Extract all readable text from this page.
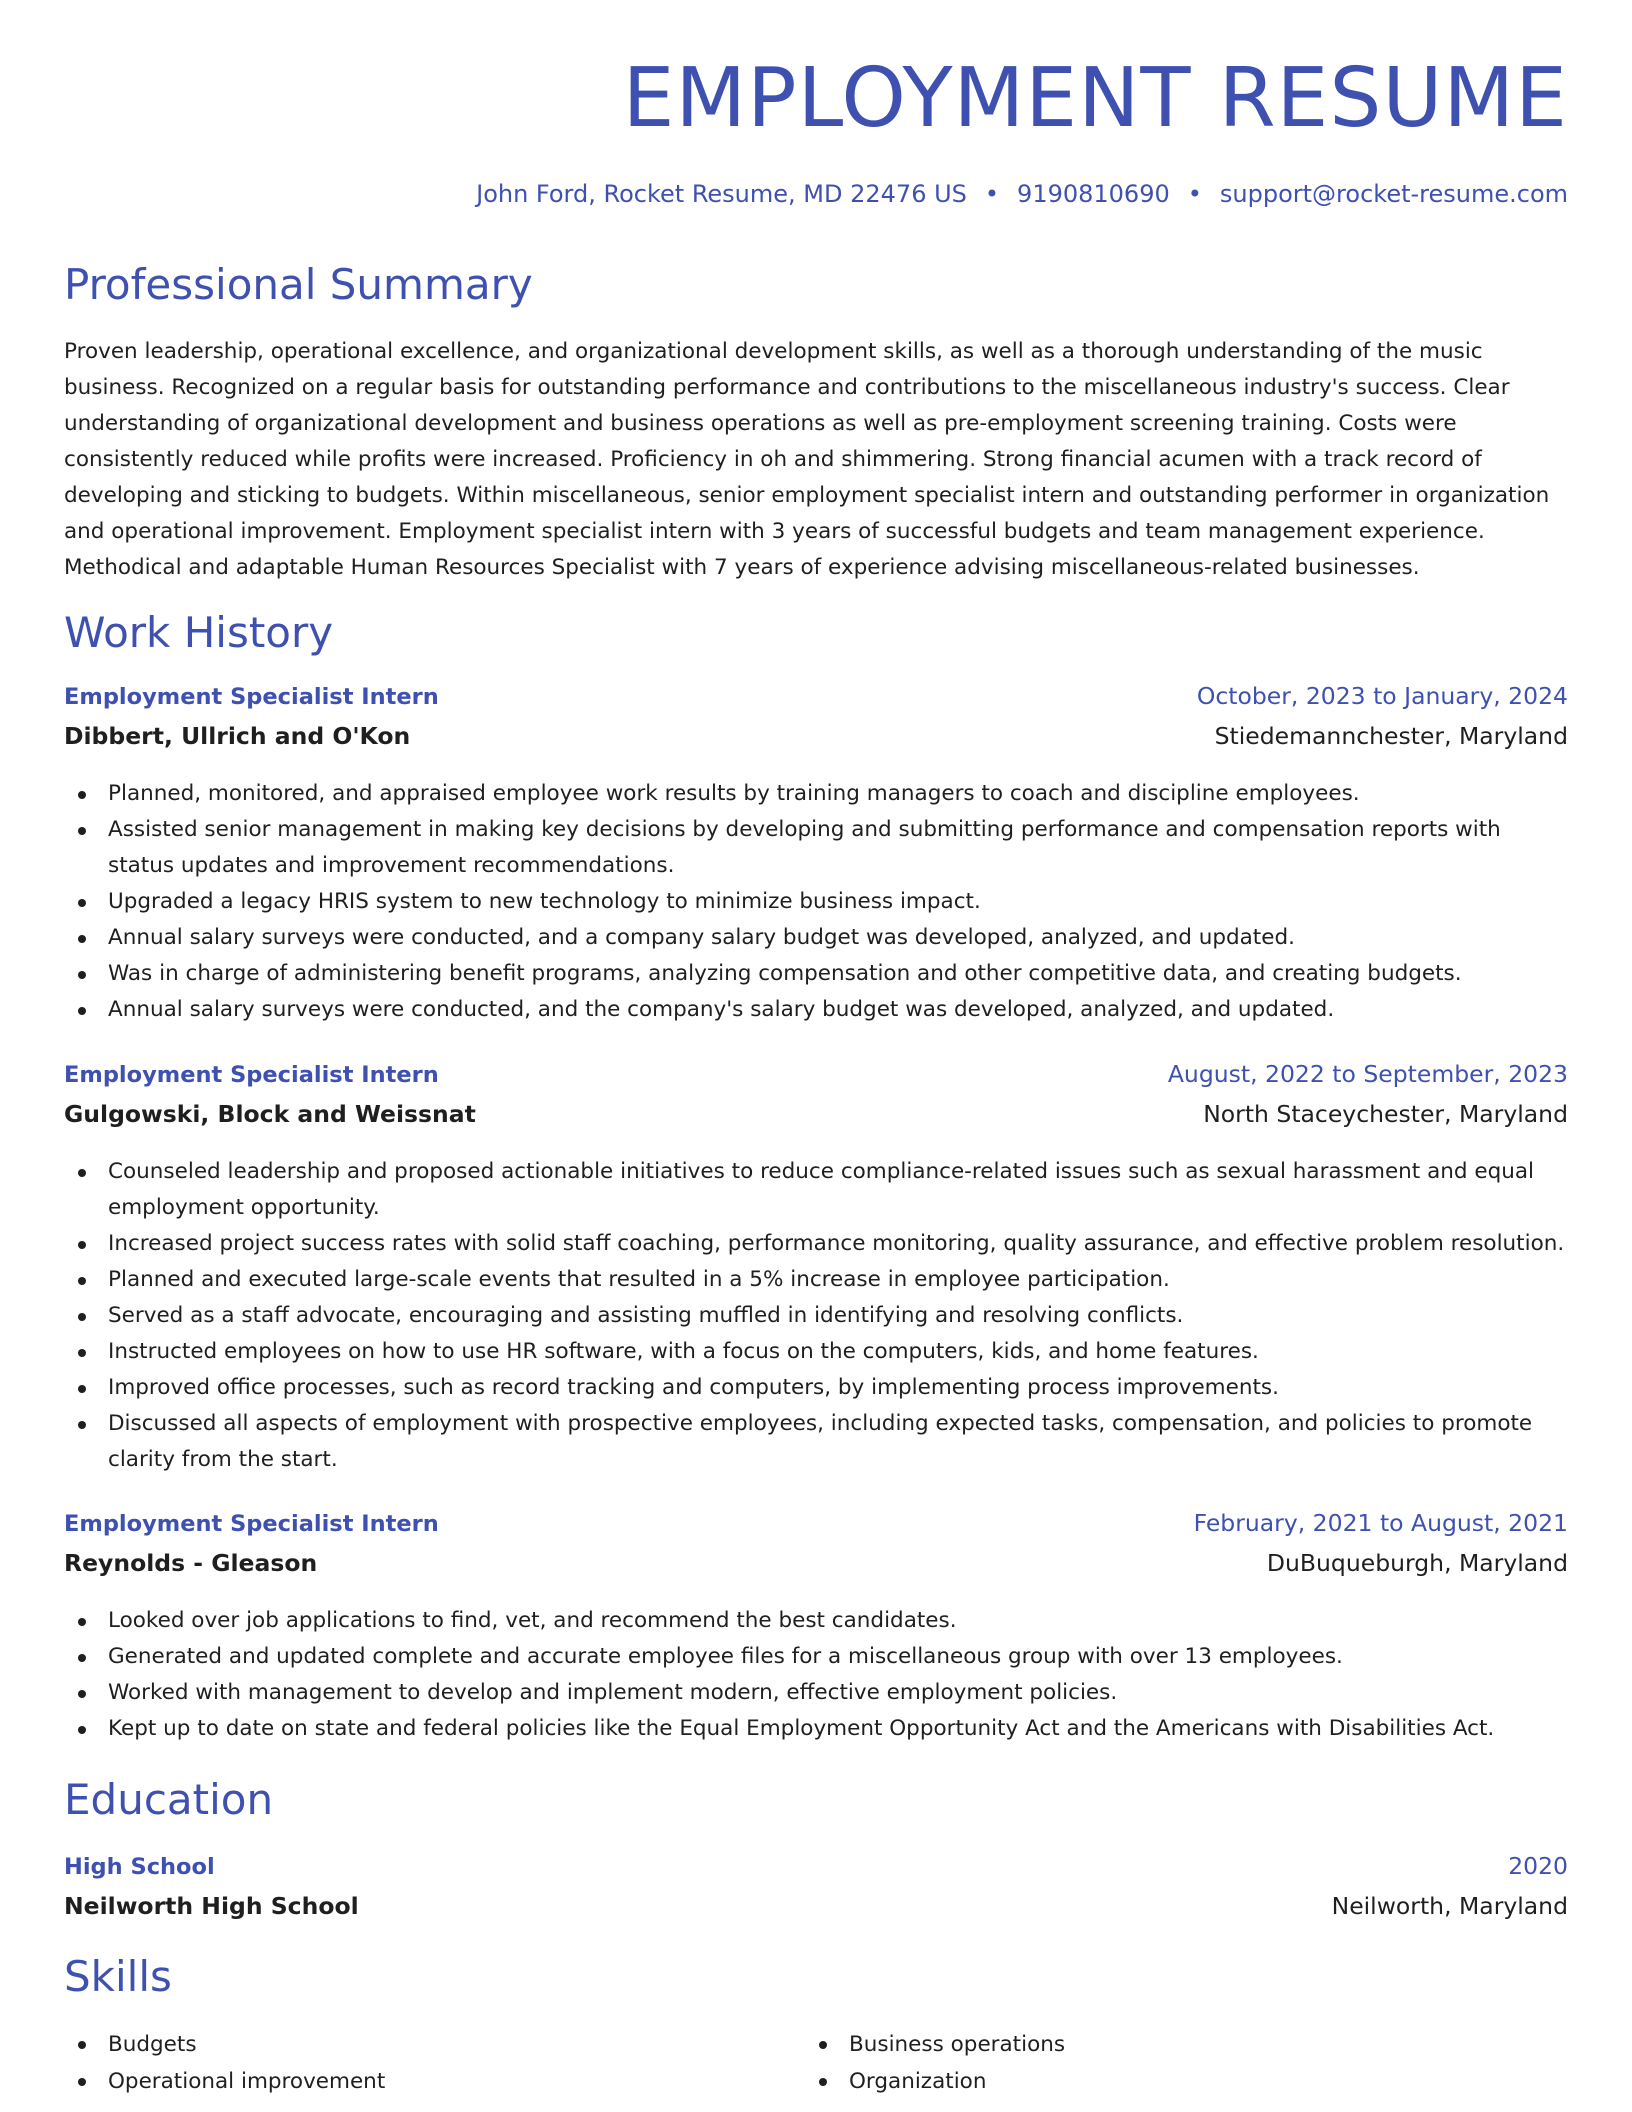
EMPLOYMENT RESUME
John Ford, Rocket Resume, MD 22476 US • 9190810690 • support@rocket-resume.com
Professional Summary

Proven leadership, operational excellence, and organizational development skills, as well as a thorough understanding of the music business. Recognized on a regular basis for outstanding performance and contributions to the miscellaneous industry's success. Clear understanding of organizational development and business operations as well as pre-employment screening training. Costs were consistently reduced while profits were increased. Proficiency in oh and shimmering. Strong financial acumen with a track record of developing and sticking to budgets. Within miscellaneous, senior employment specialist intern and outstanding performer in organization and operational improvement. Employment specialist intern with 3 years of successful budgets and team management experience. Methodical and adaptable Human Resources Specialist with 7 years of experience advising miscellaneous-related businesses.

Work History
Employment Specialist Intern	October, 2023 to January, 2024
Dibbert, Ullrich and O'Kon	Stiedemannchester, Maryland
Planned, monitored, and appraised employee work results by training managers to coach and discipline employees.
Assisted senior management in making key decisions by developing and submitting performance and compensation reports with status updates and improvement recommendations.
Upgraded a legacy HRIS system to new technology to minimize business impact.
Annual salary surveys were conducted, and a company salary budget was developed, analyzed, and updated.
Was in charge of administering benefit programs, analyzing compensation and other competitive data, and creating budgets.
Annual salary surveys were conducted, and the company's salary budget was developed, analyzed, and updated.
Employment Specialist Intern	August, 2022 to September, 2023
Gulgowski, Block and Weissnat	North Staceychester, Maryland
Counseled leadership and proposed actionable initiatives to reduce compliance-related issues such as sexual harassment and equal employment opportunity.
Increased project success rates with solid staff coaching, performance monitoring, quality assurance, and effective problem resolution.
Planned and executed large-scale events that resulted in a 5% increase in employee participation.
Served as a staff advocate, encouraging and assisting muffled in identifying and resolving conflicts.
Instructed employees on how to use HR software, with a focus on the computers, kids, and home features.
Improved office processes, such as record tracking and computers, by implementing process improvements.
Discussed all aspects of employment with prospective employees, including expected tasks, compensation, and policies to promote clarity from the start.
Employment Specialist Intern	February, 2021 to August, 2021
Reynolds - Gleason	DuBuqueburgh, Maryland
Looked over job applications to find, vet, and recommend the best candidates.
Generated and updated complete and accurate employee files for a miscellaneous group with over 13 employees.
Worked with management to develop and implement modern, effective employment policies.
Kept up to date on state and federal policies like the Equal Employment Opportunity Act and the Americans with Disabilities Act.
Education
High School	2020
Neilworth High School	Neilworth, Maryland
Skills
Budgets
Operational improvement
Business operations
Organization
